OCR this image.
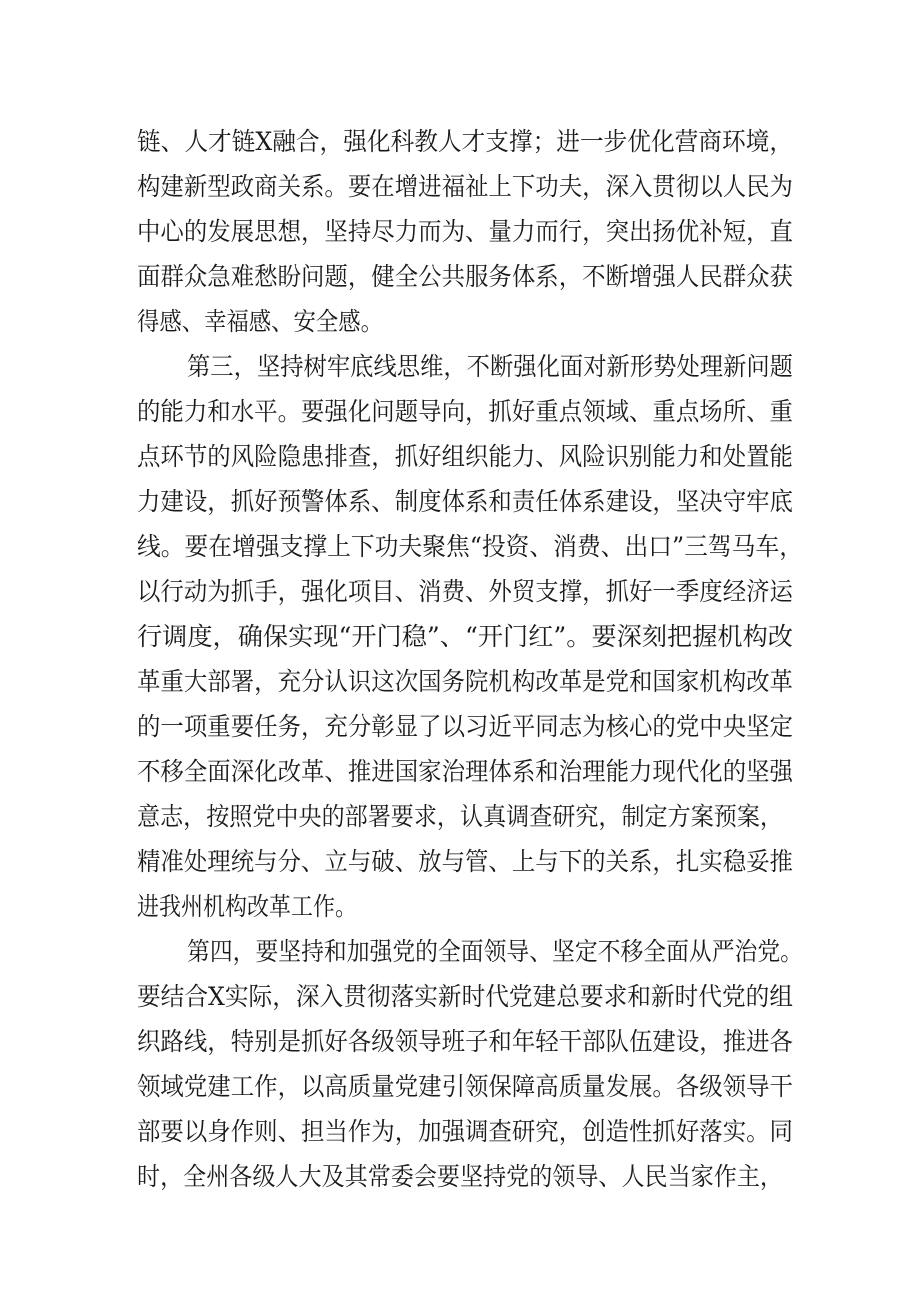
链、人才链X融合，强化科教人才支撑；进一步优化营商环境，
构建新型政商关系。要在增进福祉上下功夫，深入贯彻以人民为
中心的发展思想，坚持尽力而为、量力而行，突出扬优补短，直
面群众急难愁盼问题，健全公共服务体系，不断增强人民群众获
得感、幸福感、安全感。
第三，坚持树牢底线思维，不断强化面对新形势处理新问题
的能力和水平。要强化问题导向，抓好重点领域、重点场所、重
点环节的风险隐患排查，抓好组织能力、风险识别能力和处置能
力建设，抓好预警体系、制度体系和责任体系建设，坚决守牢底
线。要在增强支撑上下功夫聚焦“投资、消费、出口”三驾马车，
以行动为抓手，强化项目、消费、外贸支撑，抓好一季度经济运
行调度，确保实现“开门稳”、“开门红”。要深刻把握机构改
革重大部署，充分认识这次国务院机构改革是党和国家机构改革
的一项重要任务，充分彰显了以习近平同志为核心的党中央坚定
不移全面深化改革、推进国家治理体系和治理能力现代化的坚强
意志，按照党中央的部署要求，认真调查研究，制定方案预案，
精准处理统与分、立与破、放与管、上与下的关系，扎实稳妥推
进我州机构改革工作。
第四，要坚持和加强党的全面领导、坚定不移全面从严治党。
要结合X实际，深入贯彻落实新时代党建总要求和新时代党的组
织路线，特别是抓好各级领导班子和年轻干部队伍建设，推进各
领域党建工作，以高质量党建引领保障高质量发展。各级领导干
部要以身作则、担当作为，加强调查研究，创造性抓好落实。同
时，全州各级人大及其常委会要坚持党的领导、人民当家作主，
